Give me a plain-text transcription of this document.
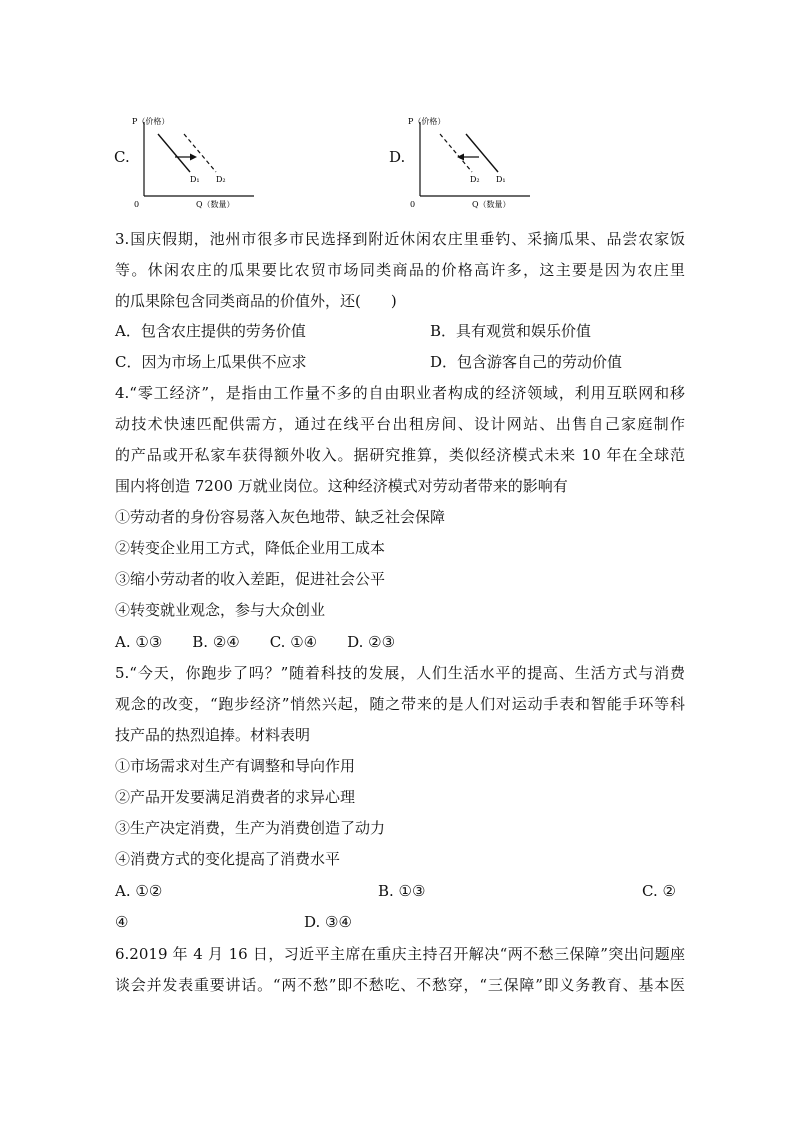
C.
P（价格）
Q（数量）
0
D₁ D₂
D.
P（价格）
Q（数量）
0
D₂ D₁
3.国庆假期，池州市很多市民选择到附近休闲农庄里垂钓、采摘瓜果、品尝农家饭
等。休闲农庄的瓜果要比农贸市场同类商品的价格高许多，这主要是因为农庄里
的瓜果除包含同类商品的价值外，还(　　)
A．包含农庄提供的劳务价值	B．具有观赏和娱乐价值
C．因为市场上瓜果供不应求	D．包含游客自己的劳动价值
4.“零工经济”，是指由工作量不多的自由职业者构成的经济领域，利用互联网和移
动技术快速匹配供需方，通过在线平台出租房间、设计网站、出售自己家庭制作
的产品或开私家车获得额外收入。据研究推算，类似经济模式未来 10 年在全球范
围内将创造 7200 万就业岗位。这种经济模式对劳动者带来的影响有
①劳动者的身份容易落入灰色地带、缺乏社会保障
②转变企业用工方式，降低企业用工成本
③缩小劳动者的收入差距，促进社会公平
④转变就业观念，参与大众创业
A. ①③　　B. ②④　　C. ①④　　D. ②③
5.“今天，你跑步了吗？”随着科技的发展，人们生活水平的提高、生活方式与消费
观念的改变，“跑步经济”悄然兴起，随之带来的是人们对运动手表和智能手环等科
技产品的热烈追捧。材料表明
①市场需求对生产有调整和导向作用
②产品开发要满足消费者的求异心理
③生产决定消费，生产为消费创造了动力
④消费方式的变化提高了消费水平
A. ①②	B. ①③	C. ②
④	D. ③④
6.2019 年 4 月 16 日，习近平主席在重庆主持召开解决“两不愁三保障”突出问题座
谈会并发表重要讲话。“两不愁”即不愁吃、不愁穿，“三保障”即义务教育、基本医
